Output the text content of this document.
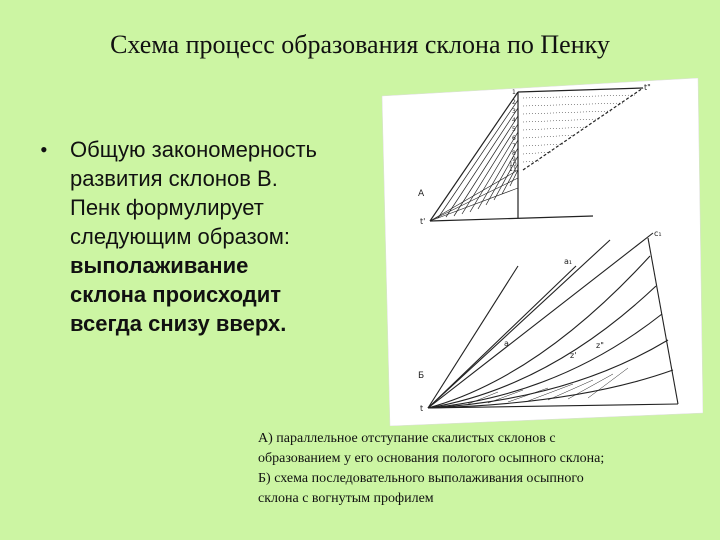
Схема процесс образования склона по Пенку
• Общую закономерность развития склонов В. Пенк формулирует следующим образом:
выполаживание склона происходит всегда снизу вверх.
1
2
3
4
5
6
7
8
9
10
11
А
t'
t"
Б
t
c₁
a₁
a
z'
z"
А) параллельное отступание скалистых склонов с
образованием у его основания пологого осыпного склона;
Б) схема последовательного выполаживания осыпного
склона с вогнутым профилем
